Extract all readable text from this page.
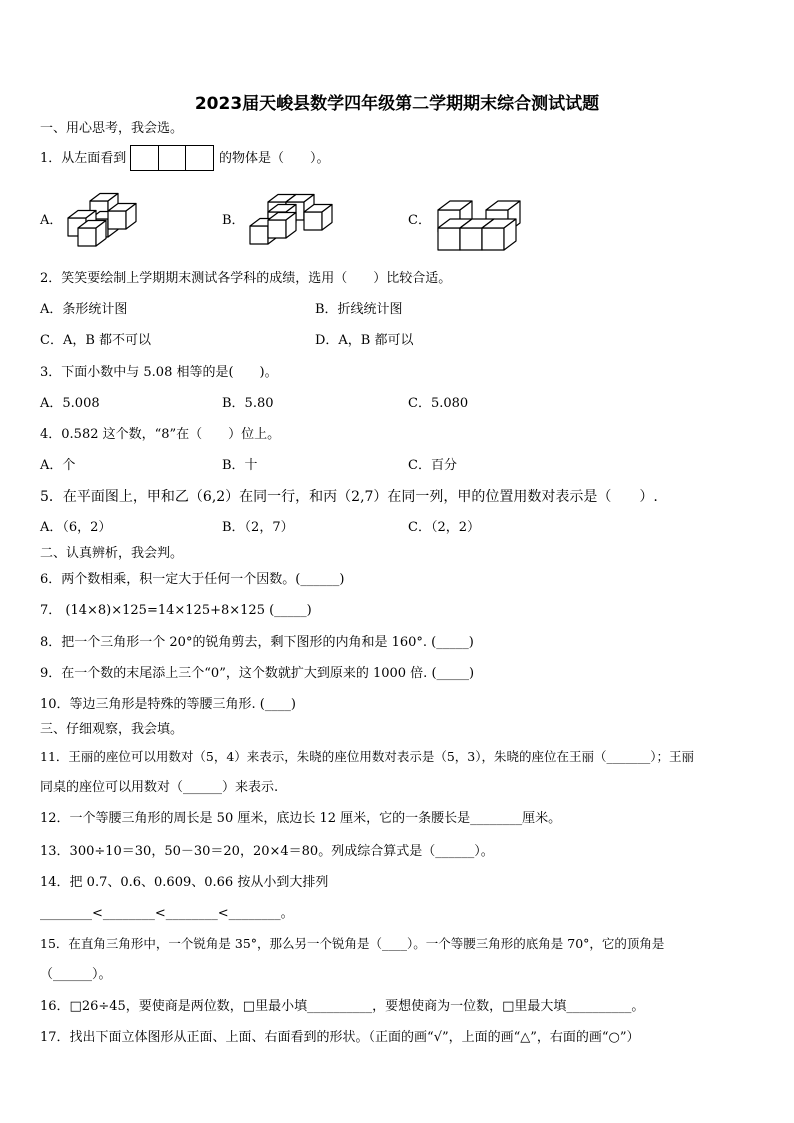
2023届天峻县数学四年级第二学期期末综合测试试题
一、用心思考，我会选。
1．从左面看到	的物体是（　　）。
A．	B．	C．
2．笑笑要绘制上学期期末测试各学科的成绩，选用（　　）比较合适。
A．条形统计图	B．折线统计图
C．A，B 都不可以	D．A，B 都可以
3．下面小数中与 5.08 相等的是(　　)。
A．5.008	B．5.80	C．5.080
4．0.582 这个数，“8”在（　　）位上。
A．个	B．十	C．百分
5．在平面图上，甲和乙（6,2）在同一行，和丙（2,7）在同一列，甲的位置用数对表示是（　　）.
A．（6，2）	B．（2，7）	C．（2，2）
二、认真辨析，我会判。
6．两个数相乘，积一定大于任何一个因数。(______)
7． (14×8)×125=14×125+8×125 (_____)
8．把一个三角形一个 20°的锐角剪去，剩下图形的内角和是 160°. (_____)
9．在一个数的末尾添上三个“0”，这个数就扩大到原来的 1000 倍. (_____)
10．等边三角形是特殊的等腰三角形. (____)
三、仔细观察，我会填。
11．王丽的座位可以用数对（5，4）来表示，朱晓的座位用数对表示是（5，3），朱晓的座位在王丽（_______）；王丽
同桌的座位可以用数对（______）来表示.
12．一个等腰三角形的周长是 50 厘米，底边长 12 厘米，它的一条腰长是________厘米。
13．300÷10＝30，50－30＝20，20×4＝80。列成综合算式是（______）。
14．把 0.7、0.6、0.609、0.66 按从小到大排列
________<________<________<________。
15．在直角三角形中，一个锐角是 35°，那么另一个锐角是（____）。一个等腰三角形的底角是 70°，它的顶角是
（______）。
16．□26÷45，要使商是两位数，□里最小填__________，要想使商为一位数，□里最大填__________。
17．找出下面立体图形从正面、上面、右面看到的形状。（正面的画“√”，上面的画“△”，右面的画“○”）
